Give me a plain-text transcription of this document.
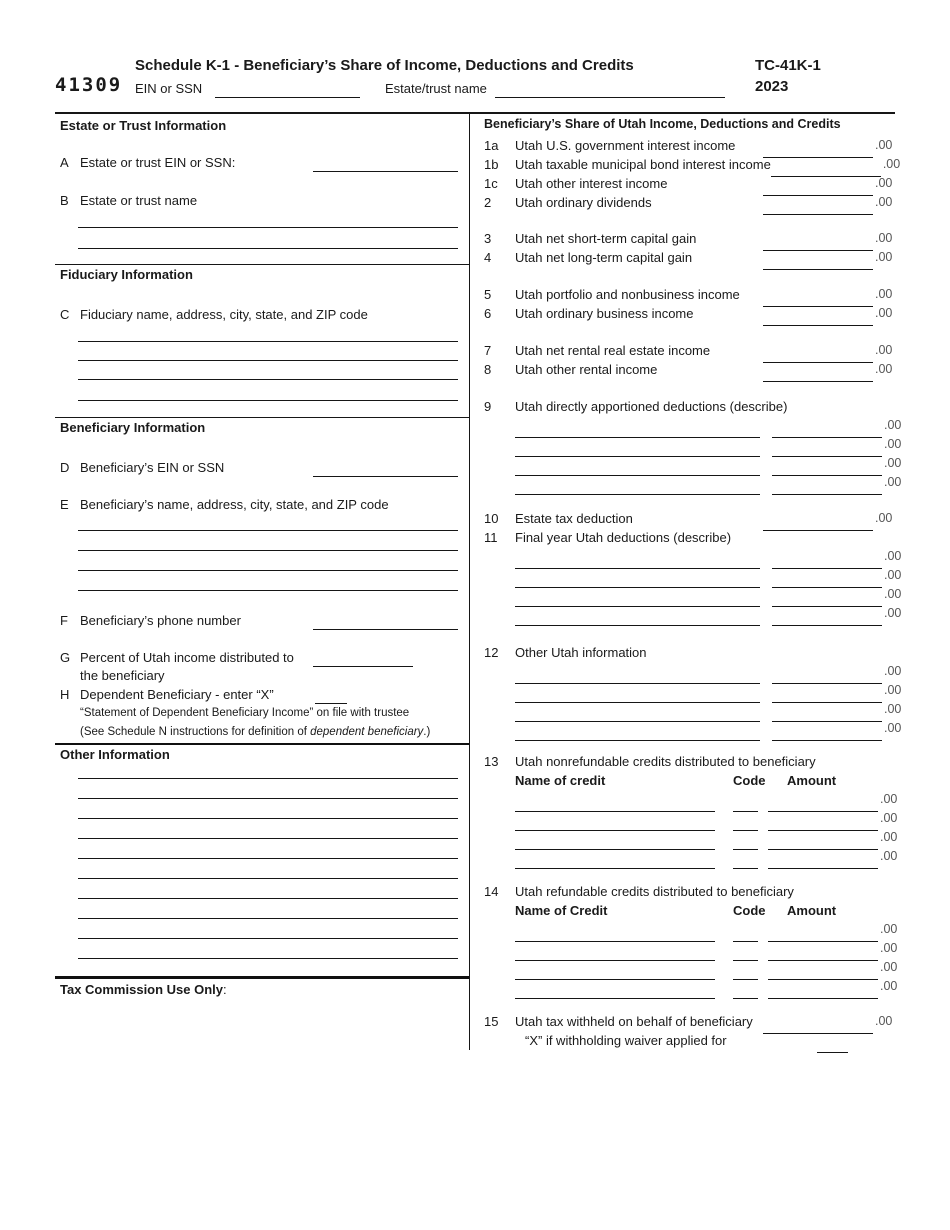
41309
Schedule K-1 - Beneficiary’s Share of Income, Deductions and Credits	TC-41K-1
2023
EIN or SSN	Estate/trust name
Estate or Trust Information
A Estate or trust EIN or SSN:
B Estate or trust name
Fiduciary Information
C Fiduciary name, address, city, state, and ZIP code
Beneficiary Information
D Beneficiary’s EIN or SSN
E Beneficiary’s name, address, city, state, and ZIP code
F Beneficiary’s phone number
G Percent of Utah income distributed to
the beneficiary
H Dependent Beneficiary - enter “X”
“Statement of Dependent Beneficiary Income” on file with trustee
(See Schedule N instructions for definition of dependent beneficiary.)
Other Information
Tax Commission Use Only:
Beneficiary’s Share of Utah Income, Deductions and Credits
1a	Utah U.S. government interest income	.00
1b	Utah taxable municipal bond interest income	.00
1c	Utah other interest income	.00
2	Utah ordinary dividends	.00
3	Utah net short-term capital gain	.00
4	Utah net long-term capital gain	.00
5	Utah portfolio and nonbusiness income	.00
6	Utah ordinary business income	.00
7	Utah net rental real estate income	.00
8	Utah other rental income	.00
9	Utah directly apportioned deductions (describe)
.00
.00
.00
.00
10	Estate tax deduction	.00
11	Final year Utah deductions (describe)
.00
.00
.00
.00
12	Other Utah information
.00
.00
.00
.00
13	Utah nonrefundable credits distributed to beneficiary
Name of credit	Code	Amount
.00
.00
.00
.00
14	Utah refundable credits distributed to beneficiary
Name of Credit	Code	Amount
.00
.00
.00
.00
15	Utah tax withheld on behalf of beneficiary	.00
“X” if withholding waiver applied for
